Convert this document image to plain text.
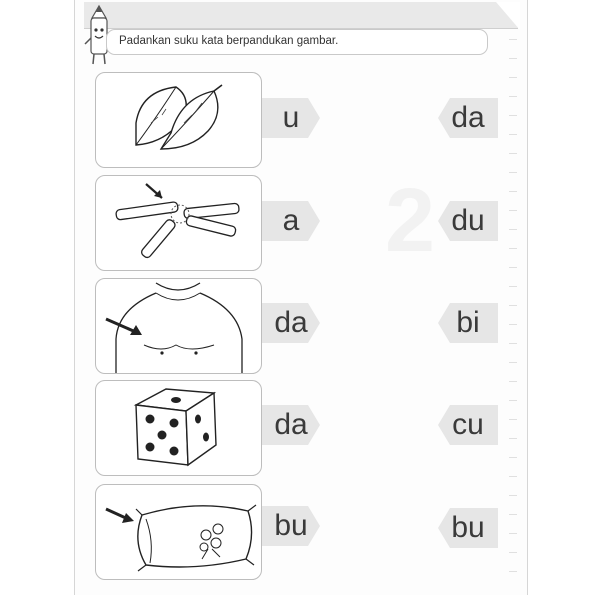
2
Padankan suku kata berpandukan gambar.
u	da
a	du
da	bi
da	cu
bu	bu
